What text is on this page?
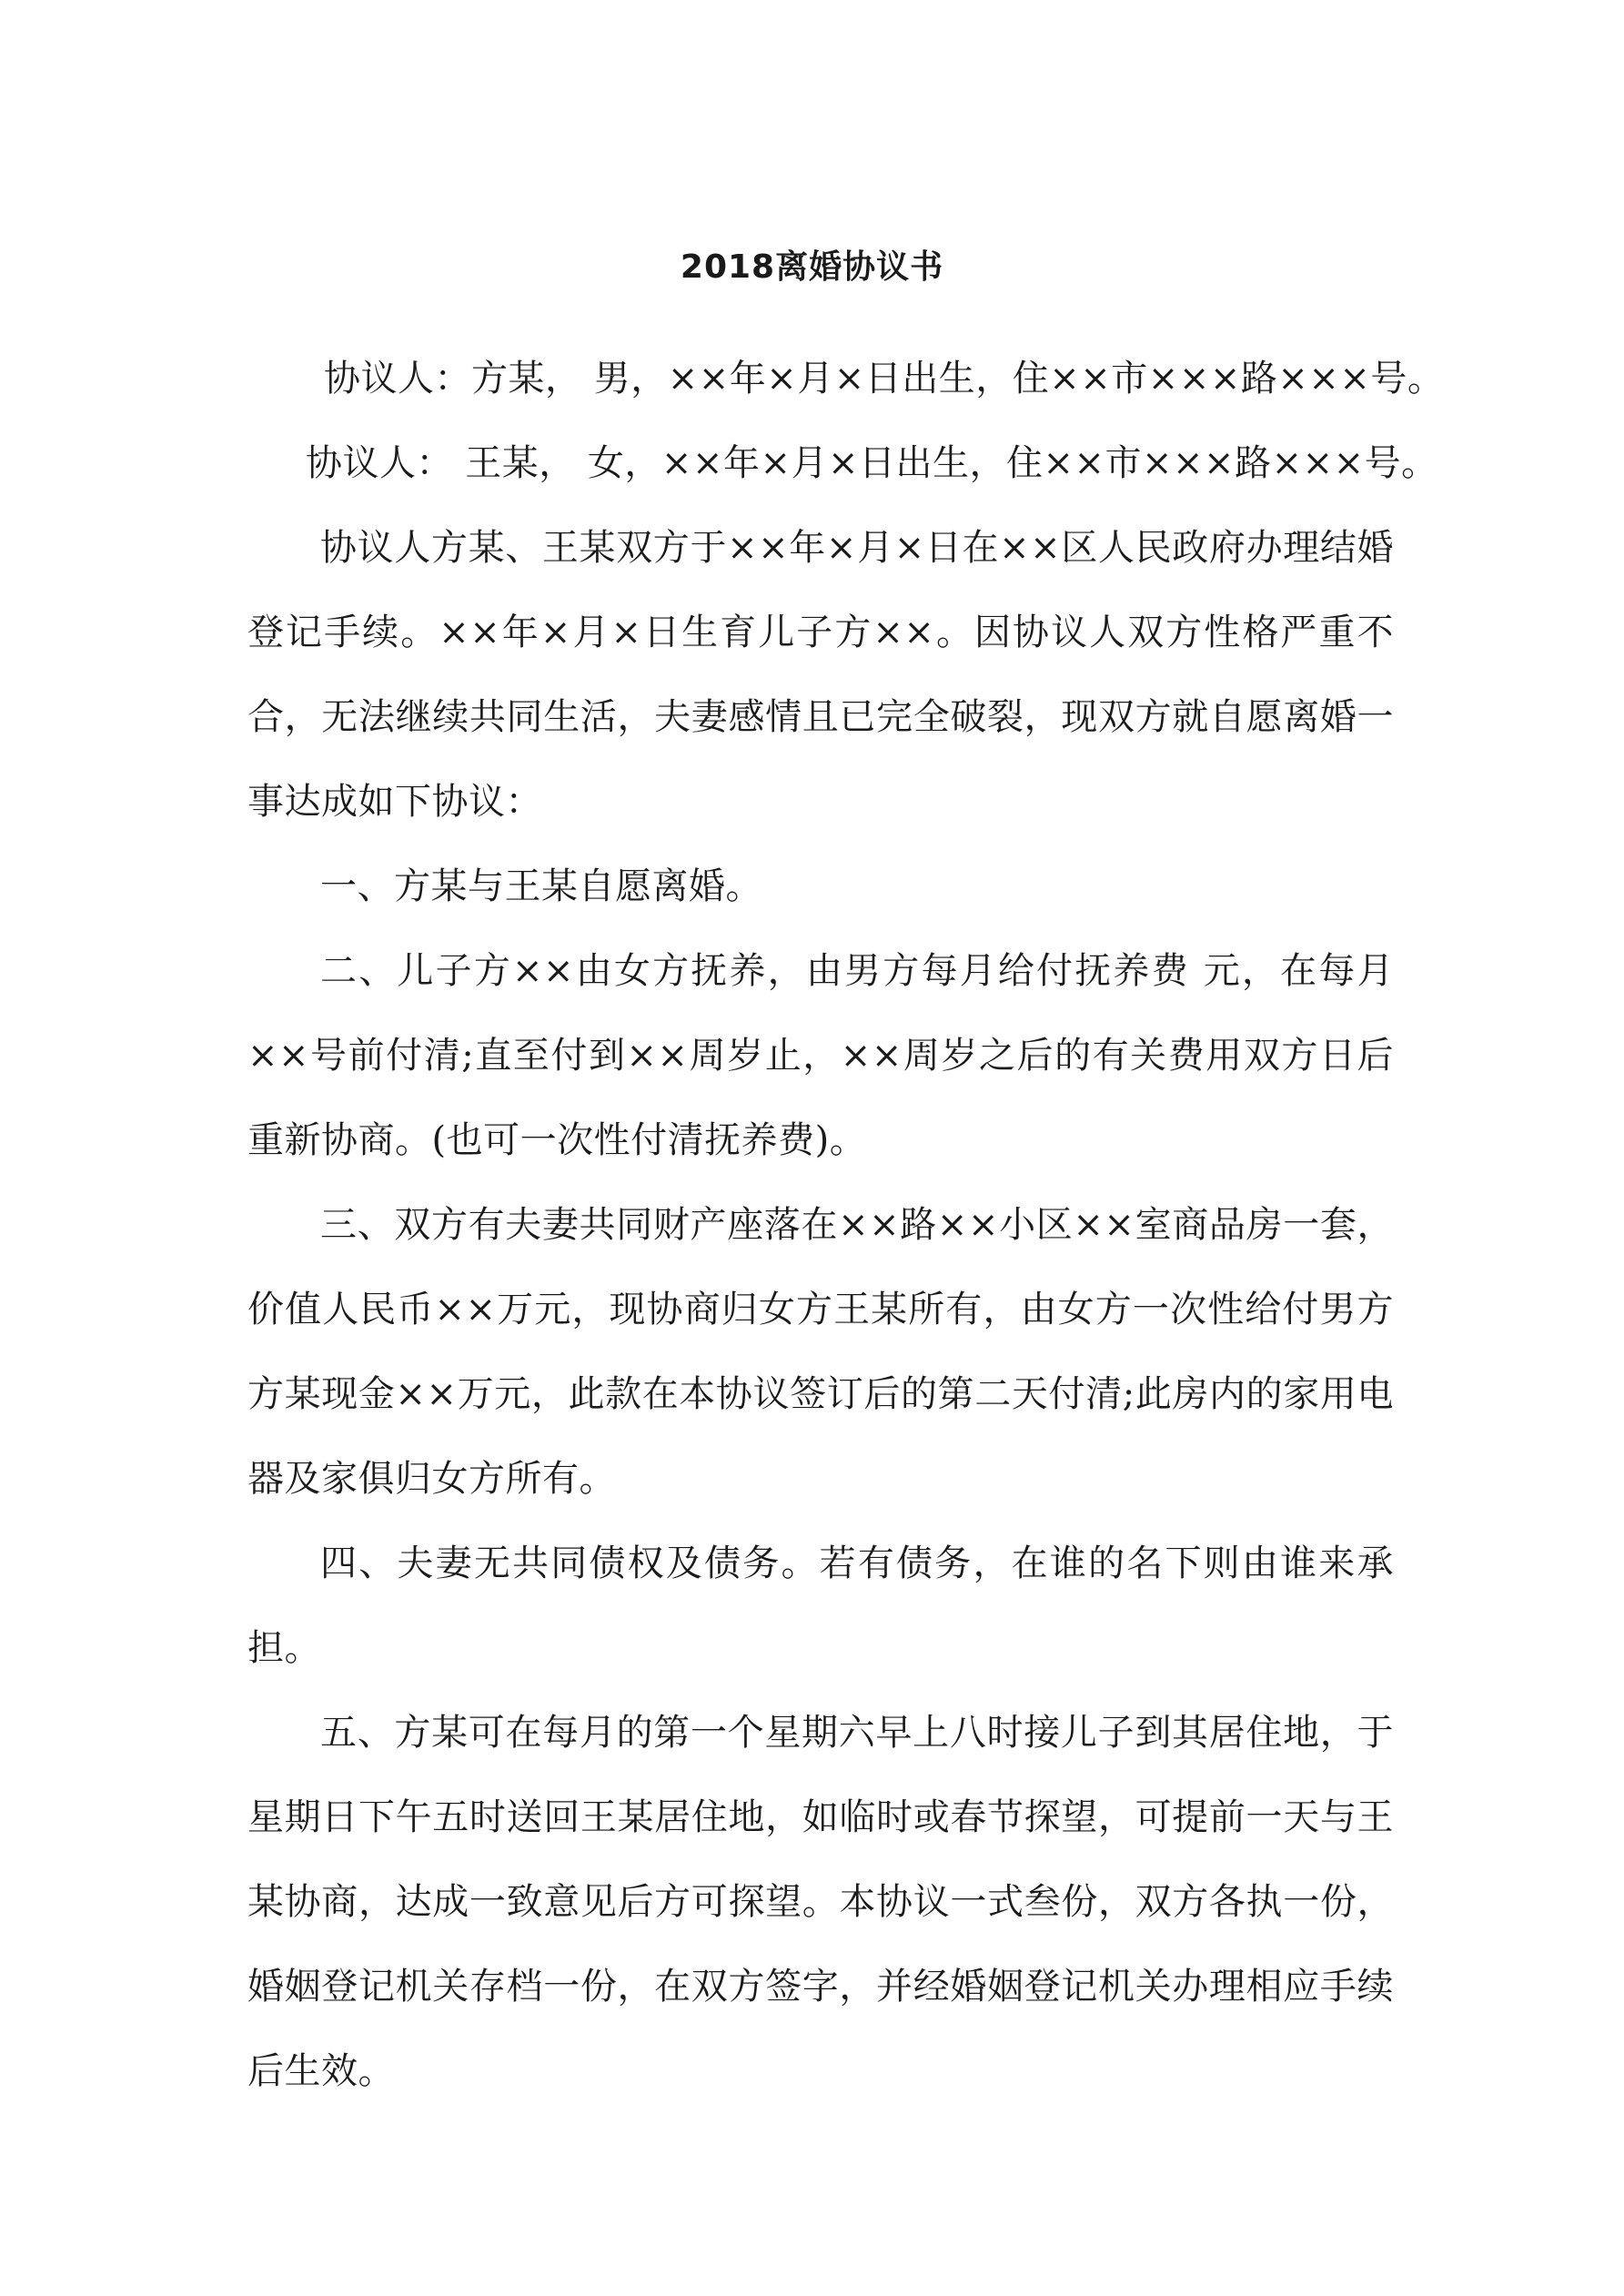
2018离婚协议书

协议人：方某， 男，××年×月×日出生，住××市×××路×××号。

协议人： 王某， 女，××年×月×日出生，住××市×××路×××号。

协议人方某、王某双方于××年×月×日在××区人民政府办理结婚登记手续。××年×月×日生育儿子方××。因协议人双方性格严重不合，无法继续共同生活，夫妻感情且已完全破裂，现双方就自愿离婚一事达成如下协议：

一、方某与王某自愿离婚。

二、儿子方××由女方抚养，由男方每月给付抚养费 元，在每月××号前付清;直至付到××周岁止，××周岁之后的有关费用双方日后重新协商。(也可一次性付清抚养费)。

三、双方有夫妻共同财产座落在××路××小区××室商品房一套，价值人民币××万元，现协商归女方王某所有，由女方一次性给付男方方某现金××万元，此款在本协议签订后的第二天付清;此房内的家用电器及家俱归女方所有。

四、夫妻无共同债权及债务。若有债务，在谁的名下则由谁来承担。

五、方某可在每月的第一个星期六早上八时接儿子到其居住地，于星期日下午五时送回王某居住地，如临时或春节探望，可提前一天与王某协商，达成一致意见后方可探望。本协议一式叁份，双方各执一份，婚姻登记机关存档一份，在双方签字，并经婚姻登记机关办理相应手续后生效。
